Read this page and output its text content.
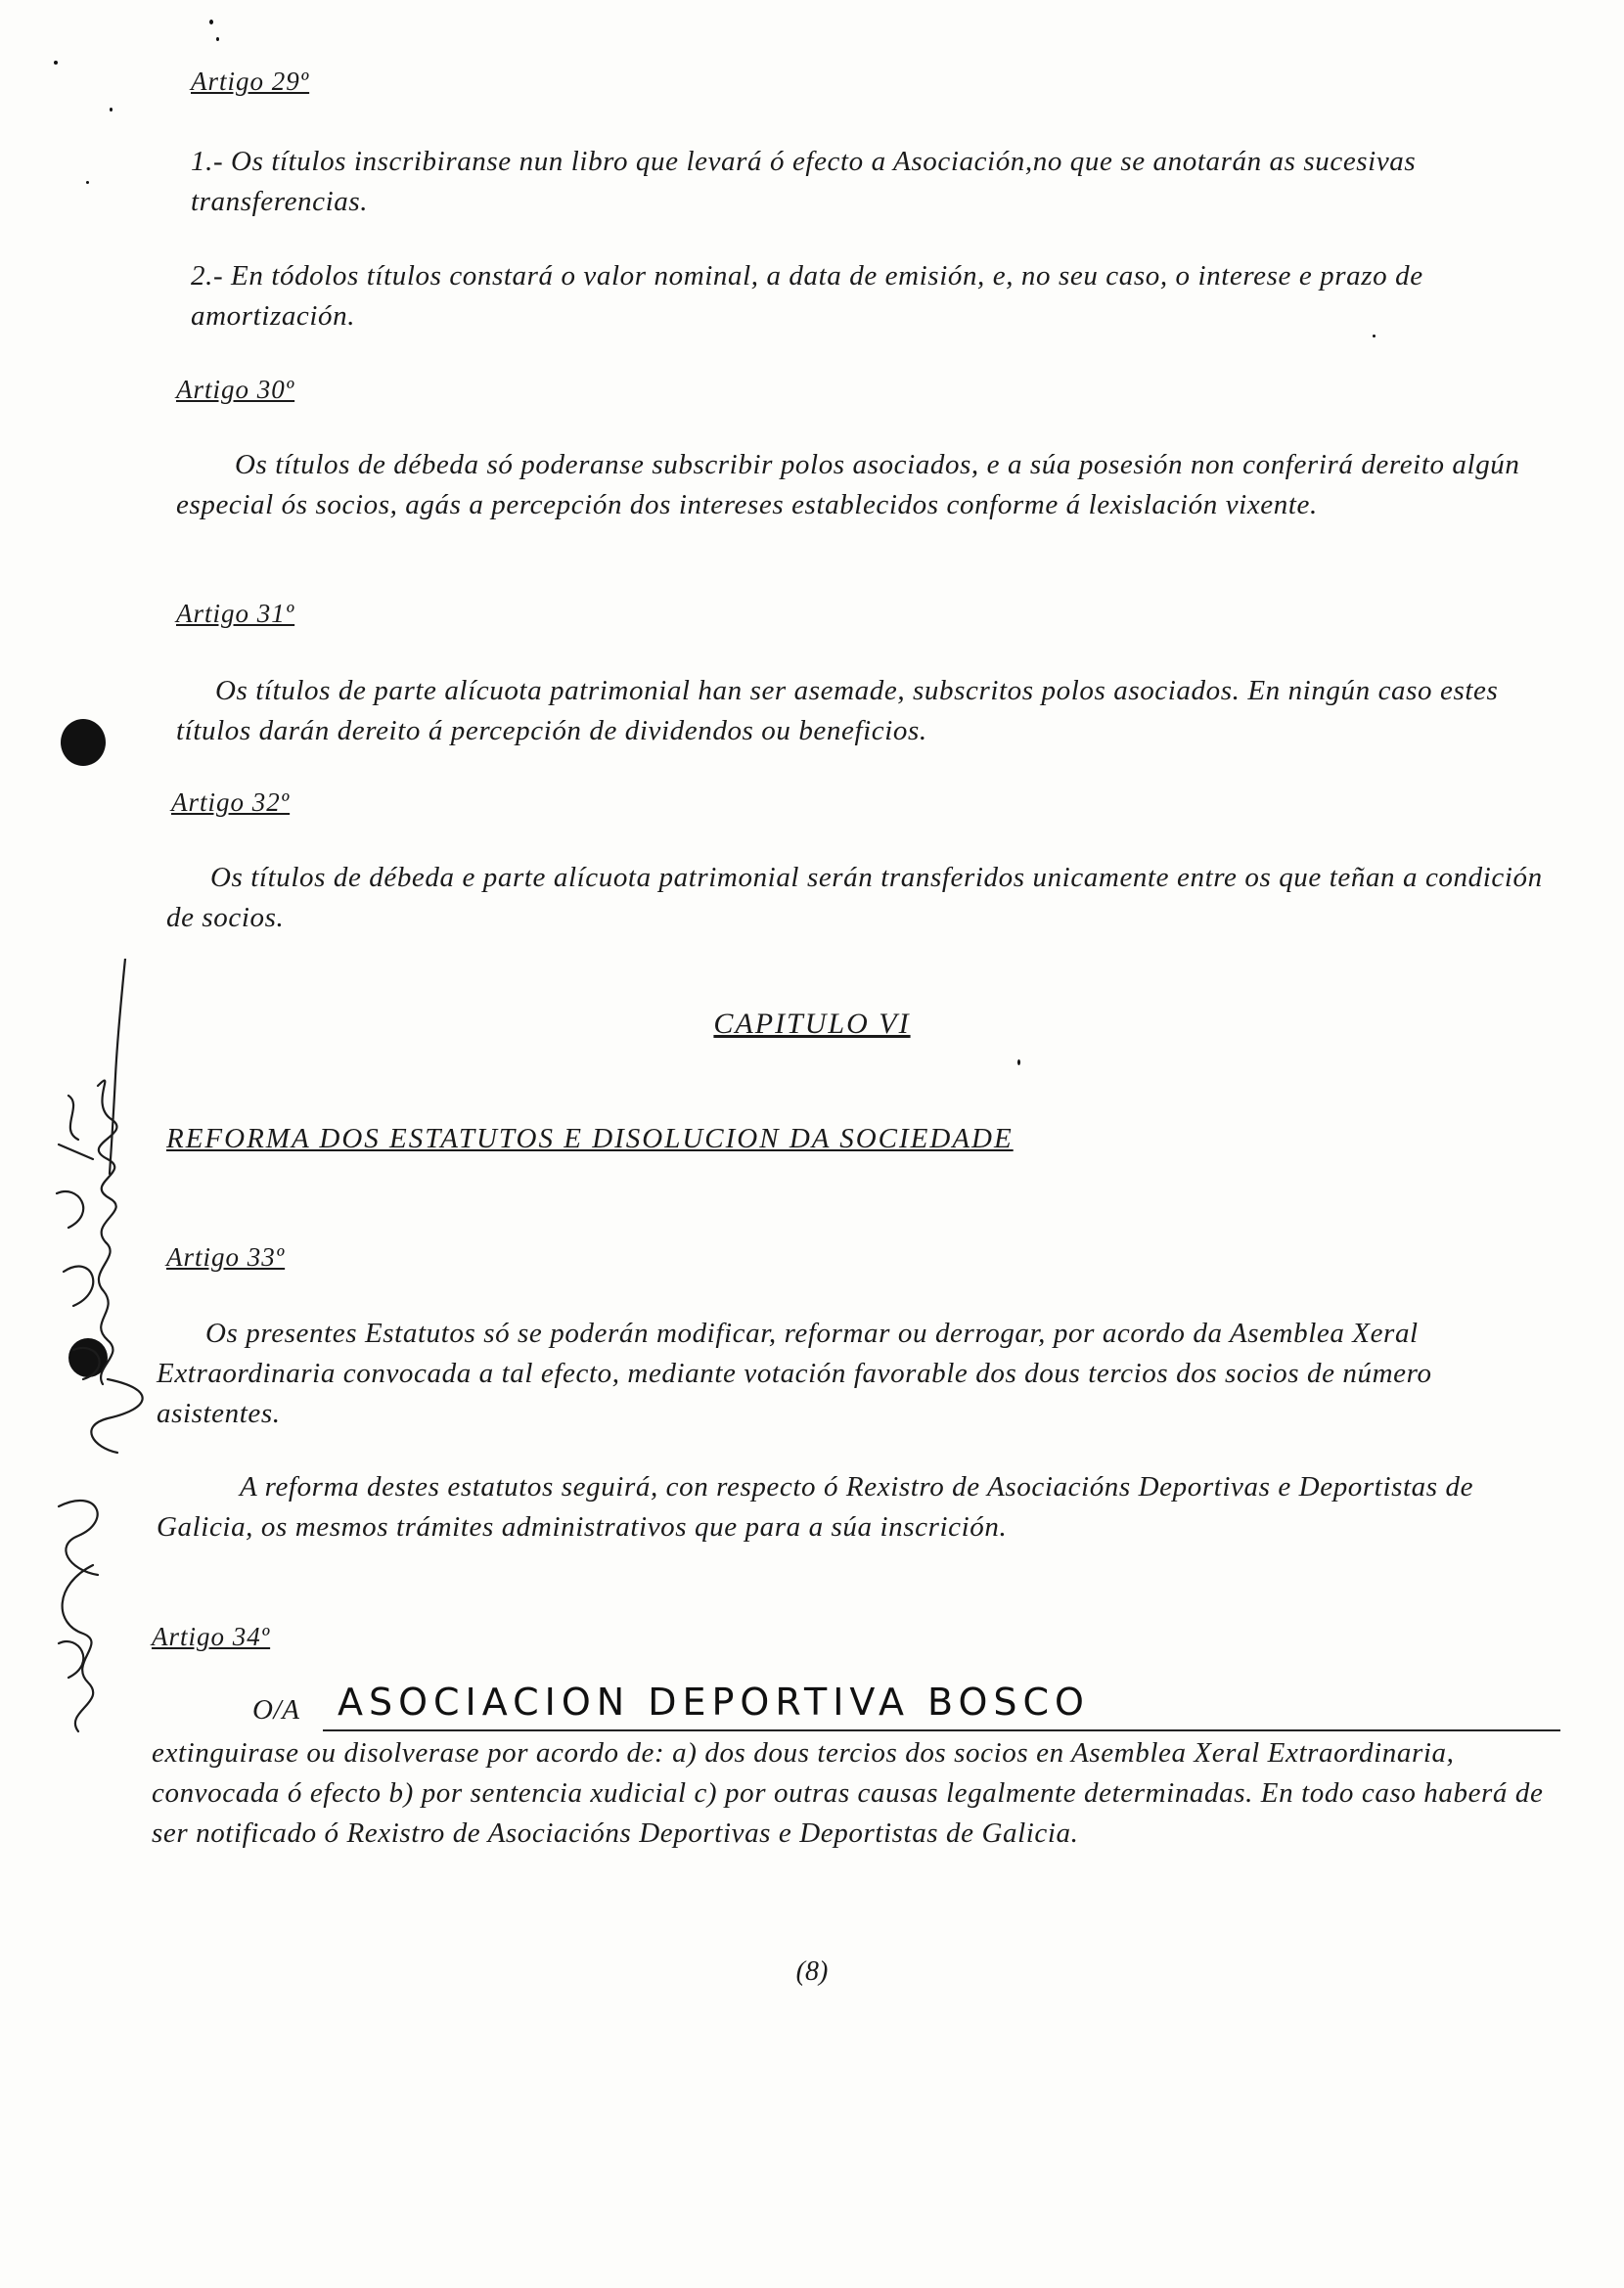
Artigo 29º
1.- Os títulos inscribiranse nun libro que levará ó efecto a Asociación,no que se anotarán as sucesivas transferencias.
2.- En tódolos títulos constará o valor nominal, a data de emisión, e, no seu caso, o interese e prazo de amortización.
Artigo 30º
Os títulos de débeda só poderanse subscribir polos asociados, e a súa posesión non conferirá dereito algún especial ós socios, agás a percepción dos intereses establecidos conforme á lexislación vixente.
Artigo 31º
Os títulos de parte alícuota patrimonial han ser asemade, subscritos polos asociados. En ningún caso estes títulos darán dereito á percepción de dividendos ou beneficios.
Artigo 32º
Os títulos de débeda e parte alícuota patrimonial serán transferidos unicamente entre os que teñan a condición de socios.
CAPITULO VI
REFORMA DOS ESTATUTOS E DISOLUCION DA SOCIEDADE
Artigo 33º
Os presentes Estatutos só se poderán modificar, reformar ou derrogar, por acordo da Asemblea Xeral Extraordinaria convocada a tal efecto, mediante votación favorable dos dous tercios dos socios de número asistentes.
A reforma destes estatutos seguirá, con respecto ó Rexistro de Asociacións Deportivas e Deportistas de Galicia, os mesmos trámites administrativos que para a súa inscrición.
Artigo 34º
O/A ASOCIACION DEPORTIVA BOSCO
extinguirase ou disolverase por acordo de: a) dos dous tercios dos socios en Asemblea Xeral Extraordinaria, convocada ó efecto b) por sentencia xudicial c) por outras causas legalmente determinadas. En todo caso haberá de ser notificado ó Rexistro de Asociacións Deportivas e Deportistas de Galicia.
(8)
